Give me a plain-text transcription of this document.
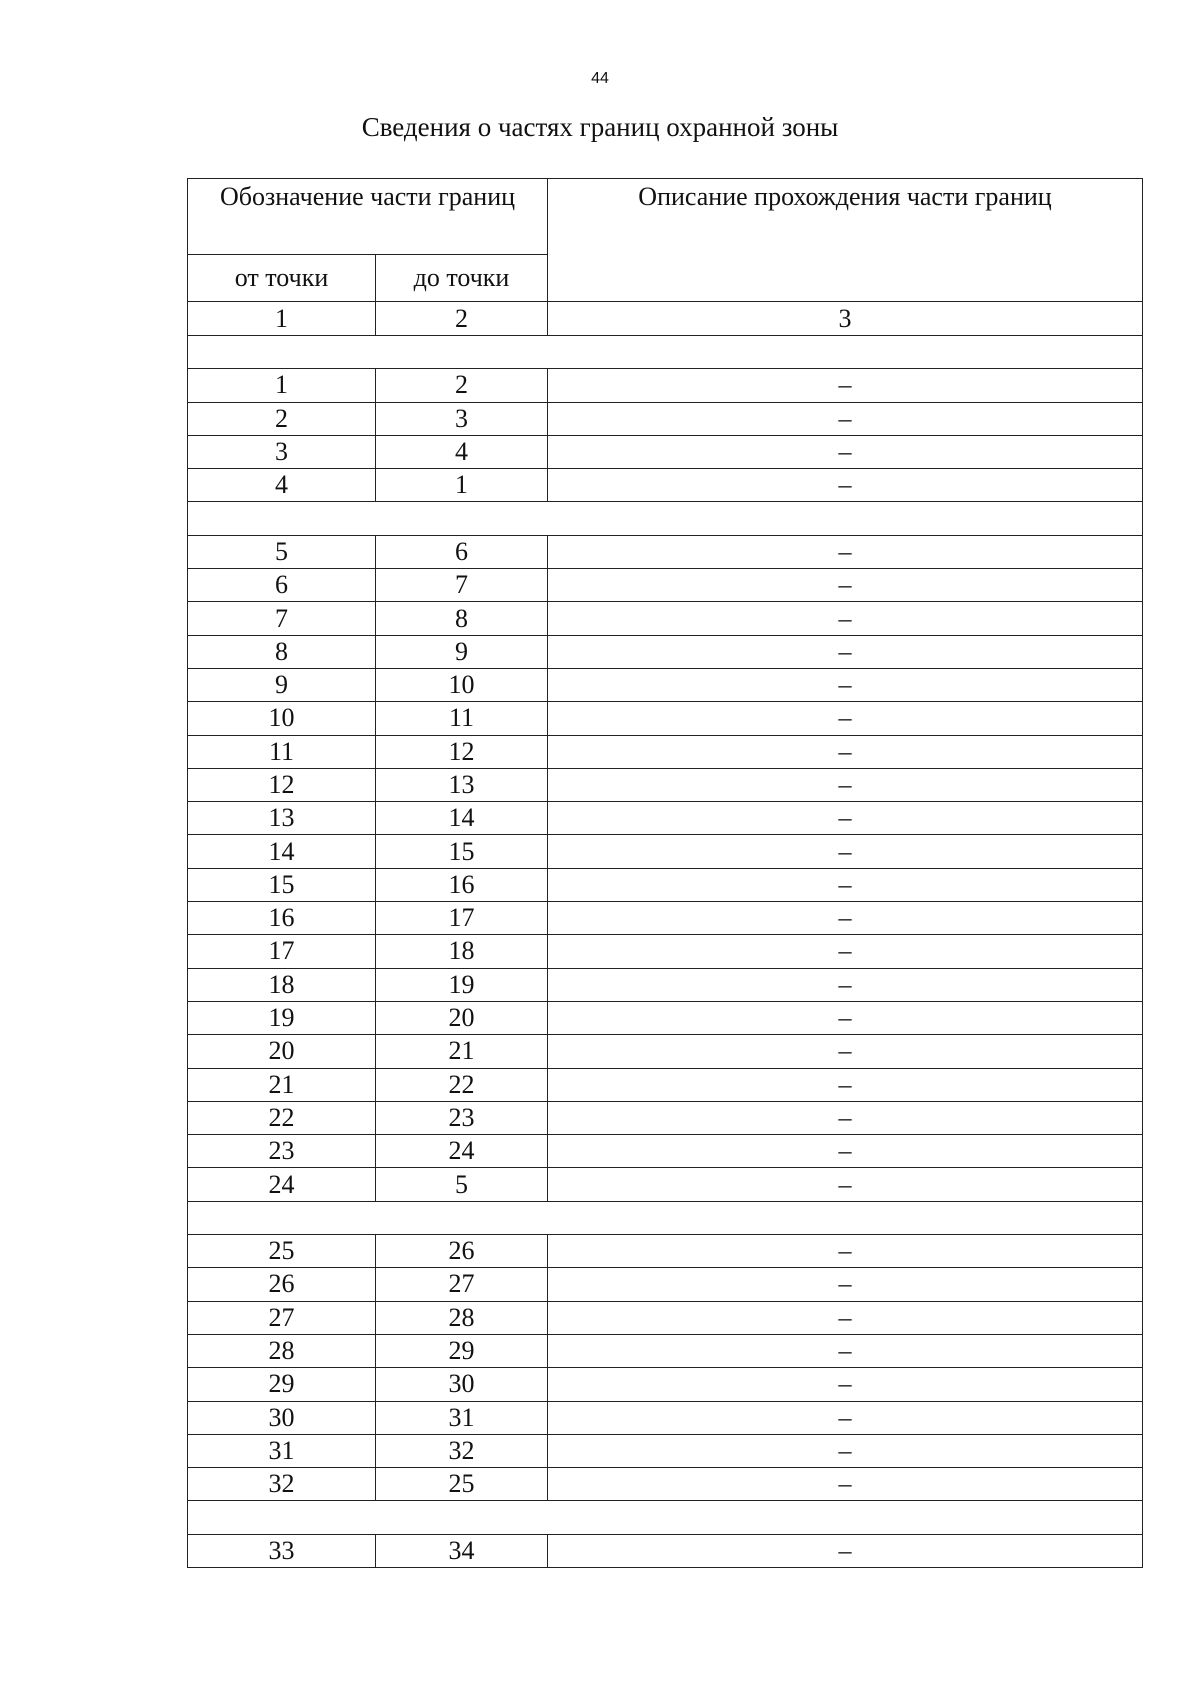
44
Сведения о частях границ охранной зоны
Обозначение части границ		Описание прохождения части границ
от точки	до точки	
1	2	3

1	2	–
2	3	–
3	4	–
4	1	–

5	6	–
6	7	–
7	8	–
8	9	–
9	10	–
10	11	–
11	12	–
12	13	–
13	14	–
14	15	–
15	16	–
16	17	–
17	18	–
18	19	–
19	20	–
20	21	–
21	22	–
22	23	–
23	24	–
24	5	–

25	26	–
26	27	–
27	28	–
28	29	–
29	30	–
30	31	–
31	32	–
32	25	–

33	34	–
